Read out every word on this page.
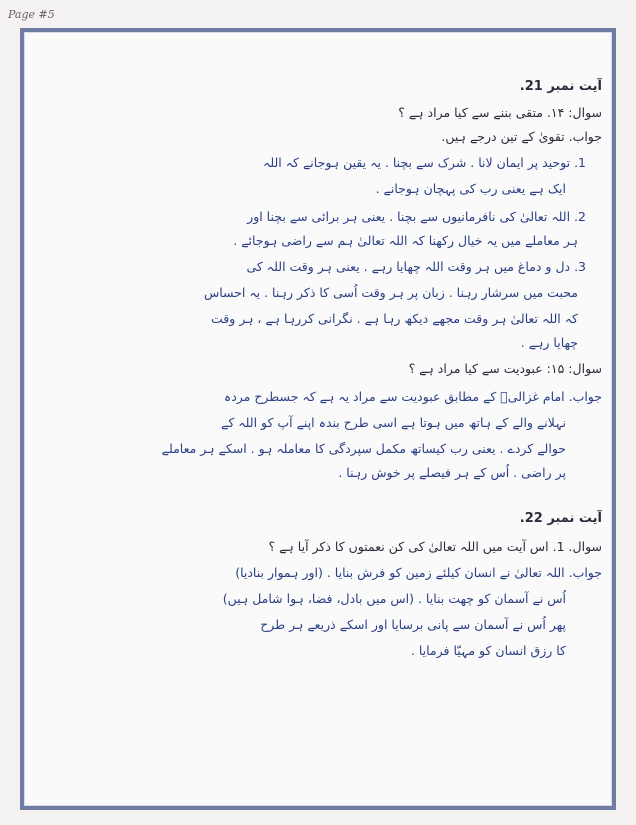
Page #5
آیت نمبر 21.
سوال: ۱۴. متقی بننے سے کیا مراد ہے ؟
جواب. تقویٰ کے تین درجے ہیں.
1. توحید پر ایمان لانا . شرک سے بچنا . یہ یقین ہوجانے کہ اللہ
ایک ہے یعنی رب کی پہچان ہوجانے .
2. اللہ تعالیٰ کی نافرمانیوں سے بچنا . یعنی ہر برائی سے بچنا اور
ہر معاملے میں یہ خیال رکھنا کہ اللہ تعالیٰ ہم سے راضی ہوجائے .
3. دل و دماغ میں ہر وقت اللہ چھایا رہے . یعنی ہر وقت اللہ کی
محبت میں سرشار رہنا . زبان پر ہر وقت اُسی کا ذکر رہنا . یہ احساس
کہ اللہ تعالیٰ ہر وقت مجھے دیکھ رہا ہے . نگرانی کررہا ہے ، ہر وقت
چھایا رہے .
سوال: ۱۵: عبودیت سے کیا مراد ہے ؟
جواب. امام غزالیؒ کے مطابق عبودیت سے مراد یہ ہے کہ جسطرح مردہ
نہلانے والے کے ہاتھ میں ہوتا ہے اسی طرح بندہ اپنے آپ کو اللہ کے
حوالے کردے . یعنی رب کیساتھ مکمل سپردگی کا معاملہ ہو . اسکے ہر معاملے
پر راضی . اُس کے ہر فیصلے پر خوش رہنا .
آیت نمبر 22.
سوال. 1. اس آیت میں اللہ تعالیٰ کی کن نعمتوں کا ذکر آیا ہے ؟
جواب. اللہ تعالیٰ نے انسان کیلئے زمین کو فرش بنایا . (اور ہموار بنادیا)
اُس نے آسمان کو چھت بنایا . (اس میں بادل، فضا، ہوا شامل ہیں)
پھر اُس نے آسمان سے پانی برسایا اور اسکے ذریعے ہر طرح
کا رزق انسان کو مہیّا فرمایا .
